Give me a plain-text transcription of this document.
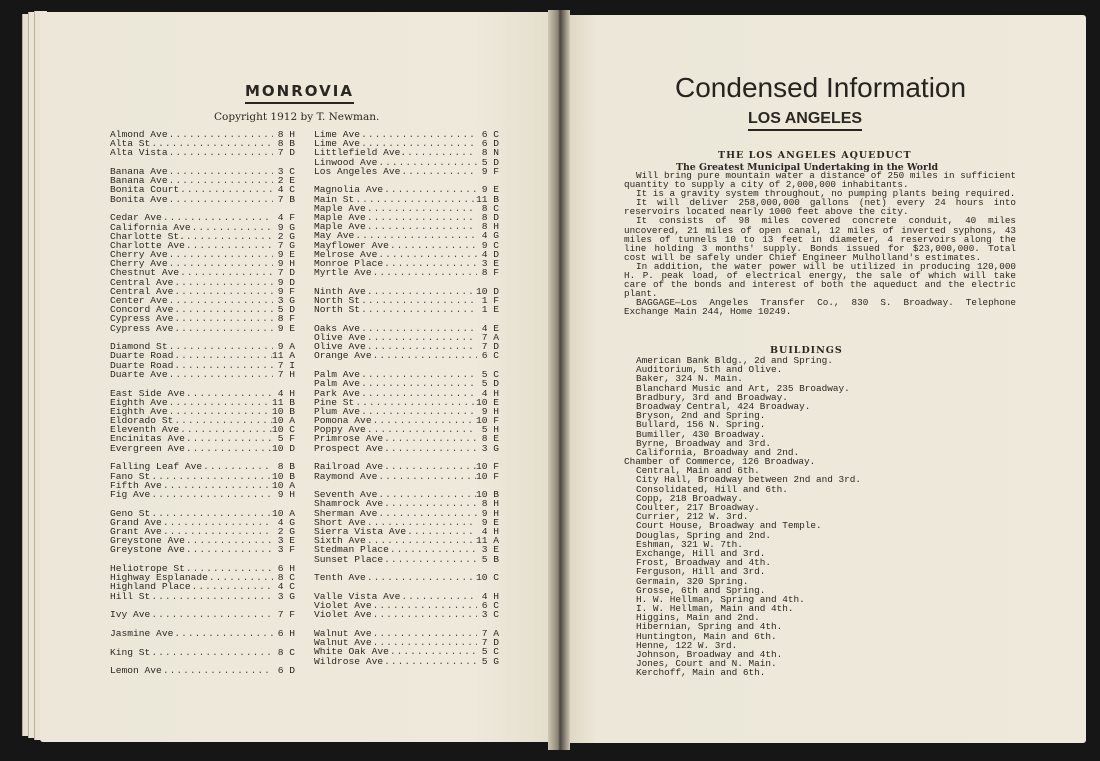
MONROVIA
Copyright 1912 by T. Newman.
Almond Ave .....	8 H
Alta St .....	8 B
Alta Vista .....	7 D
Banana Ave .....	3 C
Banana Ave .....	2 E
Bonita Court .....	4 C
Bonita Ave .....	7 B
Cedar Ave .....	4 F
California Ave .....	9 G
Charlotte St. .....	2 G
Charlotte Ave .....	7 G
Cherry Ave .....	9 E
Cherry Ave .....	9 H
Chestnut Ave .....	7 D
Central Ave .....	9 D
Central Ave .....	9 F
Center Ave .....	3 G
Concord Ave .....	5 D
Cypress Ave .....	8 F
Cypress Ave .....	9 E
Diamond St .....	9 A
Duarte Road .....	11 A
Duarte Road .....	7 I
Duarte Ave .....	7 H
East Side Ave .....	4 H
Eighth Ave .....	11 B
Eighth Ave .....	10 B
Eldorado St .....	10 A
Eleventh Ave .....	10 C
Encinitas Ave .....	5 F
Evergreen Ave .....	10 D
Falling Leaf Ave .....	8 B
Fano St .....	10 B
Fifth Ave .....	10 A
Fig Ave .....	9 H
Geno St .....	10 A
Grand Ave .....	4 G
Grant Ave .....	2 G
Greystone Ave .....	3 E
Greystone Ave .....	3 F
Heliotrope St .....	6 H
Highway Esplanade .....	8 C
Highland Place .....	4 C
Hill St .....	3 G
Ivy Ave .....	7 F
Jasmine Ave .....	6 H
King St .....	8 C
Lemon Ave .....	6 D
Lime Ave .....	6 C
Lime Ave .....	6 D
Littlefield Ave. .....	8 N
Linwood Ave .....	5 D
Los Angeles Ave .....	9 F
Magnolia Ave .....	9 E
Main St .....	11 B
Maple Ave .....	8 C
Maple Ave .....	8 D
Maple Ave .....	8 H
May Ave .....	4 G
Mayflower Ave .....	9 C
Melrose Ave .....	4 D
Monroe Place .....	3 E
Myrtle Ave .....	8 F
Ninth Ave .....	10 D
North St .....	1 F
North St .....	1 E
Oaks Ave .....	4 E
Olive Ave .....	7 A
Olive Ave .....	7 D
Orange Ave .....	6 C
Palm Ave .....	5 C
Palm Ave .....	5 D
Park Ave .....	4 H
Pine St .....	10 E
Plum Ave .....	9 H
Pomona Ave .....	10 F
Poppy Ave .....	5 H
Primrose Ave .....	8 E
Prospect Ave .....	3 G
Railroad Ave .....	10 F
Raymond Ave .....	10 F
Seventh Ave .....	10 B
Shamrock Ave .....	8 H
Sherman Ave .....	9 H
Short Ave .....	9 E
Sierra Vista Ave .....	4 H
Sixth Ave .....	11 A
Stedman Place .....	3 E
Sunset Place .....	5 B
Tenth Ave .....	10 C
Valle Vista Ave .....	4 H
Violet Ave .....	6 C
Violet Ave .....	3 C
Walnut Ave .....	7 A
Walnut Ave .....	7 D
White Oak Ave .....	5 C
Wildrose Ave .....	5 G
Condensed Information
LOS ANGELES
THE LOS ANGELES AQUEDUCT
The Greatest Municipal Undertaking in the World

Will bring pure mountain water a distance of 250 miles in sufficient quantity to supply a city of 2,000,000 inhabitants.

It is a gravity system throughout, no pumping plants being required.

It will deliver 258,000,000 gallons (net) every 24 hours into reservoirs located nearly 1000 feet above the city.

It consists of 98 miles covered concrete conduit, 40 miles uncovered, 21 miles of open canal, 12 miles of inverted syphons, 43 miles of tunnels 10 to 13 feet in diameter, 4 reservoirs along the line holding 3 months' supply. Bonds issued for $23,000,000. Total cost will be safely under Chief Engineer Mulholland's estimates.

In addition, the water power will be utilized in producing 120,000 H. P. peak load, of electrical energy, the sale of which will take care of the bonds and interest of both the aqueduct and the electric plant.

BAGGAGE—Los Angeles Transfer Co., 830 S. Broadway. Telephone Exchange Main 244, Home 10249.

BUILDINGS
American Bank Bldg., 2d and Spring.
Auditorium, 5th and Olive.
Baker, 324 N. Main.
Blanchard Music and Art, 235 Broadway.
Bradbury, 3rd and Broadway.
Broadway Central, 424 Broadway.
Bryson, 2nd and Spring.
Bullard, 156 N. Spring.
Bumiller, 430 Broadway.
Byrne, Broadway and 3rd.
California, Broadway and 2nd.
Chamber of Commerce, 126 Broadway.
Central, Main and 6th.
City Hall, Broadway between 2nd and 3rd.
Consolidated, Hill and 6th.
Copp, 218 Broadway.
Coulter, 217 Broadway.
Currier, 212 W. 3rd.
Court House, Broadway and Temple.
Douglas, Spring and 2nd.
Eshman, 321 W. 7th.
Exchange, Hill and 3rd.
Frost, Broadway and 4th.
Ferguson, Hill and 3rd.
Germain, 320 Spring.
Grosse, 6th and Spring.
H. W. Hellman, Spring and 4th.
I. W. Hellman, Main and 4th.
Higgins, Main and 2nd.
Hibernian, Spring and 4th.
Huntington, Main and 6th.
Henne, 122 W. 3rd.
Johnson, Broadway and 4th.
Jones, Court and N. Main.
Kerchoff, Main and 6th.
